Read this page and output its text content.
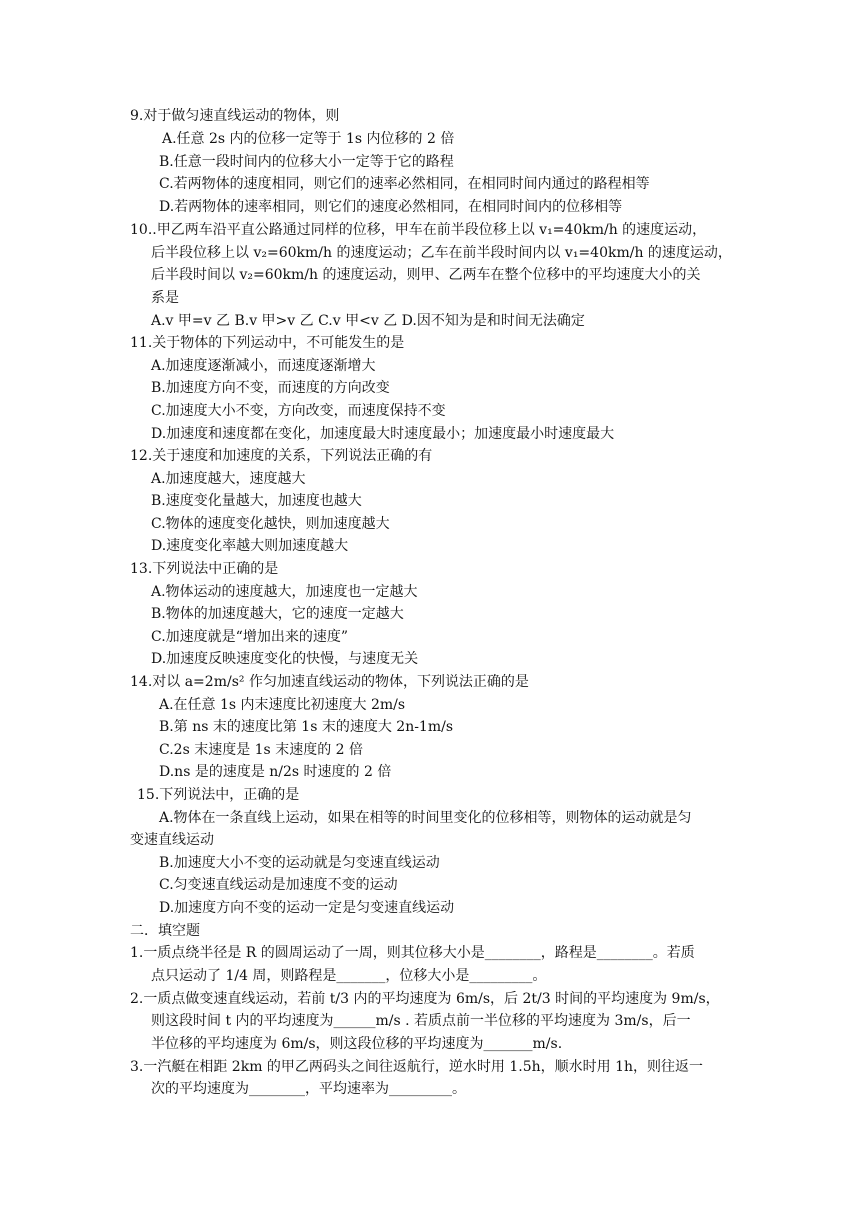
9.对于做匀速直线运动的物体，则
A.任意 2s 内的位移一定等于 1s 内位移的 2 倍
B.任意一段时间内的位移大小一定等于它的路程
C.若两物体的速度相同，则它们的速率必然相同，在相同时间内通过的路程相等
D.若两物体的速率相同，则它们的速度必然相同，在相同时间内的位移相等
10..甲乙两车沿平直公路通过同样的位移，甲车在前半段位移上以 v₁=40km/h 的速度运动，
后半段位移上以 v₂=60km/h 的速度运动；乙车在前半段时间内以 v₁=40km/h 的速度运动，
后半段时间以 v₂=60km/h 的速度运动，则甲、乙两车在整个位移中的平均速度大小的关
系是
A.v 甲=v 乙 B.v 甲>v 乙 C.v 甲<v 乙 D.因不知为是和时间无法确定
11.关于物体的下列运动中，不可能发生的是
A.加速度逐渐减小，而速度逐渐增大
B.加速度方向不变，而速度的方向改变
C.加速度大小不变，方向改变，而速度保持不变
D.加速度和速度都在变化，加速度最大时速度最小；加速度最小时速度最大
12.关于速度和加速度的关系，下列说法正确的有
A.加速度越大，速度越大
B.速度变化量越大，加速度也越大
C.物体的速度变化越快，则加速度越大
D.速度变化率越大则加速度越大
13.下列说法中正确的是
A.物体运动的速度越大，加速度也一定越大
B.物体的加速度越大，它的速度一定越大
C.加速度就是“增加出来的速度”
D.加速度反映速度变化的快慢，与速度无关
14.对以 a=2m/s² 作匀加速直线运动的物体，下列说法正确的是
A.在任意 1s 内末速度比初速度大 2m/s
B.第 ns 末的速度比第 1s 末的速度大 2n-1m/s
C.2s 末速度是 1s 末速度的 2 倍
D.ns 是的速度是 n/2s 时速度的 2 倍
15.下列说法中，正确的是
A.物体在一条直线上运动，如果在相等的时间里变化的位移相等，则物体的运动就是匀
变速直线运动
B.加速度大小不变的运动就是匀变速直线运动
C.匀变速直线运动是加速度不变的运动
D.加速度方向不变的运动一定是匀变速直线运动
二．填空题
1.一质点绕半径是 R 的圆周运动了一周，则其位移大小是________，路程是________。若质
点只运动了 1/4 周，则路程是_______，位移大小是_________。
2.一质点做变速直线运动，若前 t/3 内的平均速度为 6m/s，后 2t/3 时间的平均速度为 9m/s，
则这段时间 t 内的平均速度为______m/s . 若质点前一半位移的平均速度为 3m/s，后一
半位移的平均速度为 6m/s，则这段位移的平均速度为_______m/s.
3.一汽艇在相距 2km 的甲乙两码头之间往返航行，逆水时用 1.5h，顺水时用 1h，则往返一
次的平均速度为________，平均速率为_________。
